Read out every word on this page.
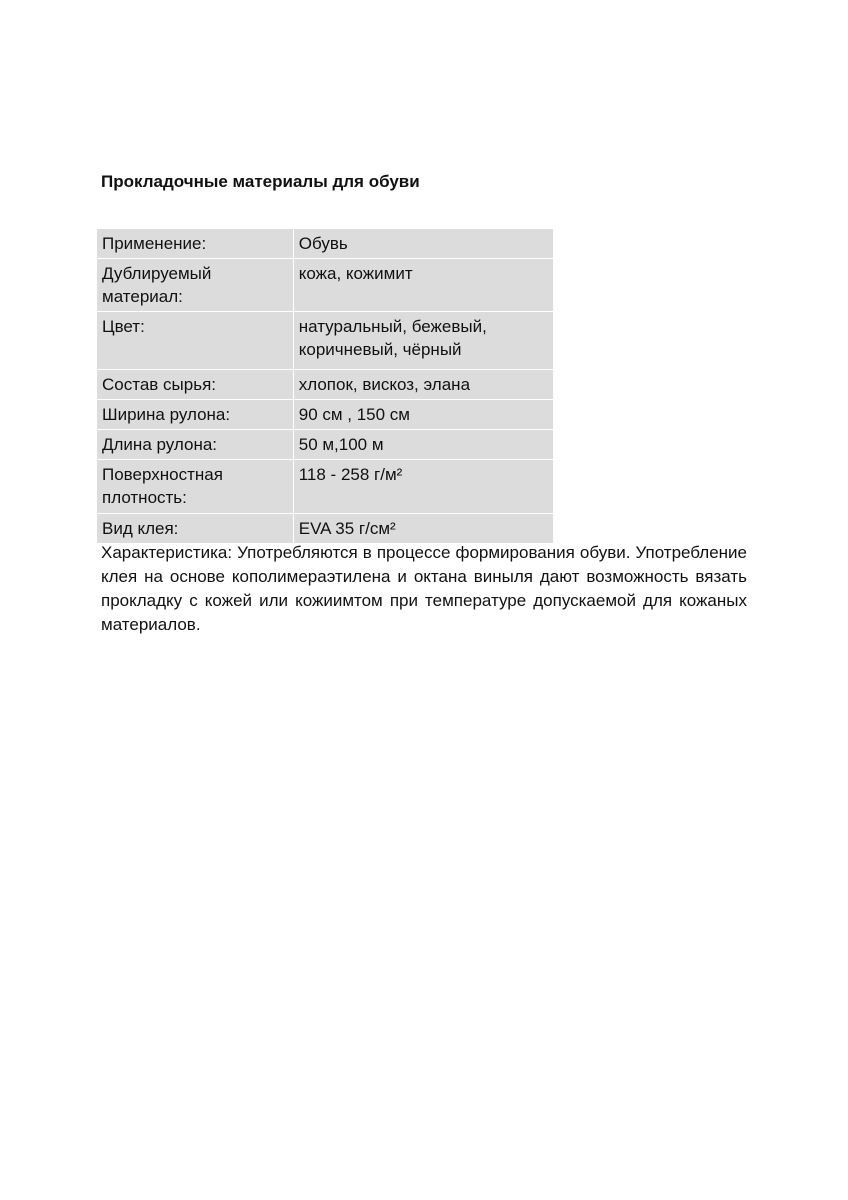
Прокладочные материалы для обуви
Применение:	Обувь
Дублируемый материал:	кожа, кожимит
Цвет:	натуральный, бежевый, коричневый, чёрный
Состав сырья:	хлопок, вискоз, элана
Ширина рулона:	90 см , 150 см
Длина рулона:	50 м,100 м
Поверхностная плотность:	118 - 258 г/м²
Вид клея:	EVA 35 г/см²

Характеристика: Употребляются в процессе формирования обуви. Употребление клея на основе кополимераэтилена и октана виныля дают возможность вязать прокладку с кожей или кожиимтом при температуре допускаемой для кожаных материалов.
